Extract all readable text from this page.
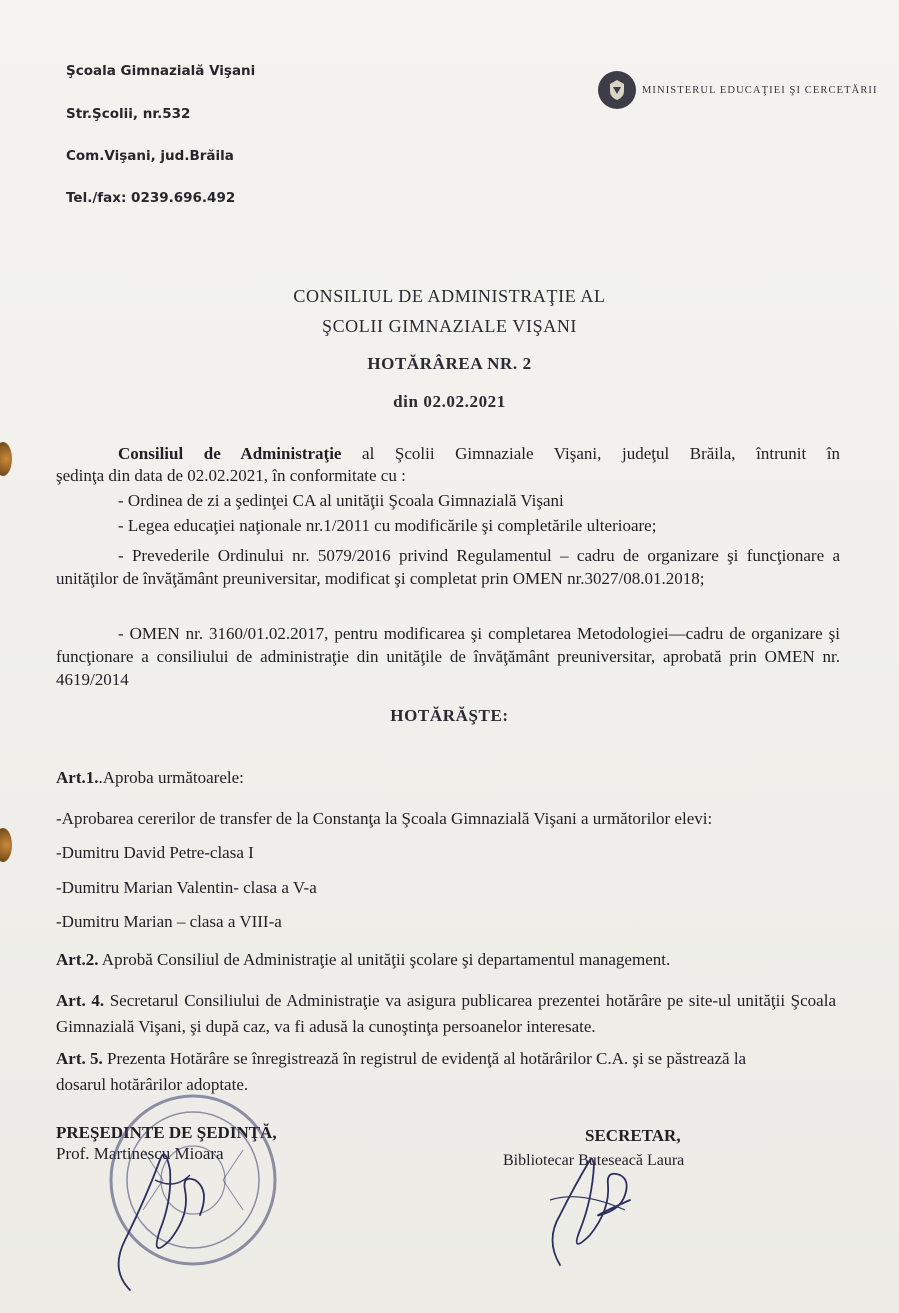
Şcoala Gimnazială Vişani
Str.Şcolii, nr.532
Com.Vişani, jud.Brăila
Tel./fax: 0239.696.492
MINISTERUL EDUCAŢIEI ŞI CERCETĂRII
CONSILIUL DE ADMINISTRAŢIE AL
ŞCOLII GIMNAZIALE VIŞANI
HOTĂRÂREA NR. 2
din 02.02.2021
Consiliul de Administraţie al Şcolii Gimnaziale Vişani, judeţul Brăila, întrunit în
şedinţa din data de 02.02.2021, în conformitate cu :
- Ordinea de zi a şedinţei CA al unităţii Şcoala Gimnazială Vişani
- Legea educaţiei naţionale nr.1/2011 cu modificările şi completările ulterioare;
- Prevederile Ordinului nr. 5079/2016 privind Regulamentul – cadru de organizare şi funcţionare a unităţilor de învăţământ preuniversitar, modificat şi completat prin OMEN nr.3027/08.01.2018;
- OMEN nr. 3160/01.02.2017, pentru modificarea şi completarea Metodologiei—cadru de organizare şi funcţionare a consiliului de administraţie din unităţile de învăţământ preuniversitar, aprobată prin OMEN nr. 4619/2014
HOTĂRĂŞTE:
Art.1..Aproba următoarele:
-Aprobarea cererilor de transfer de la Constanţa la Şcoala Gimnazială Vişani a următorilor elevi:
-Dumitru David Petre-clasa I
-Dumitru Marian Valentin- clasa a V-a
-Dumitru Marian – clasa a VIII-a
Art.2. Aprobă Consiliul de Administraţie al unităţii şcolare şi departamentul management.
Art. 4. Secretarul Consiliului de Administraţie va asigura publicarea prezentei hotărâre pe site-ul unităţii Şcoala Gimnazială Vişani, şi după caz, va fi adusă la cunoştinţa persoanelor interesate.
Art. 5. Prezenta Hotărâre se înregistrează în registrul de evidenţă al hotărârilor C.A. şi se păstrează la dosarul hotărârilor adoptate.
PREŞEDINTE DE ŞEDINŢĂ,
Prof. Martinescu Mioara
SECRETAR,
Bibliotecar Buteseacă Laura
